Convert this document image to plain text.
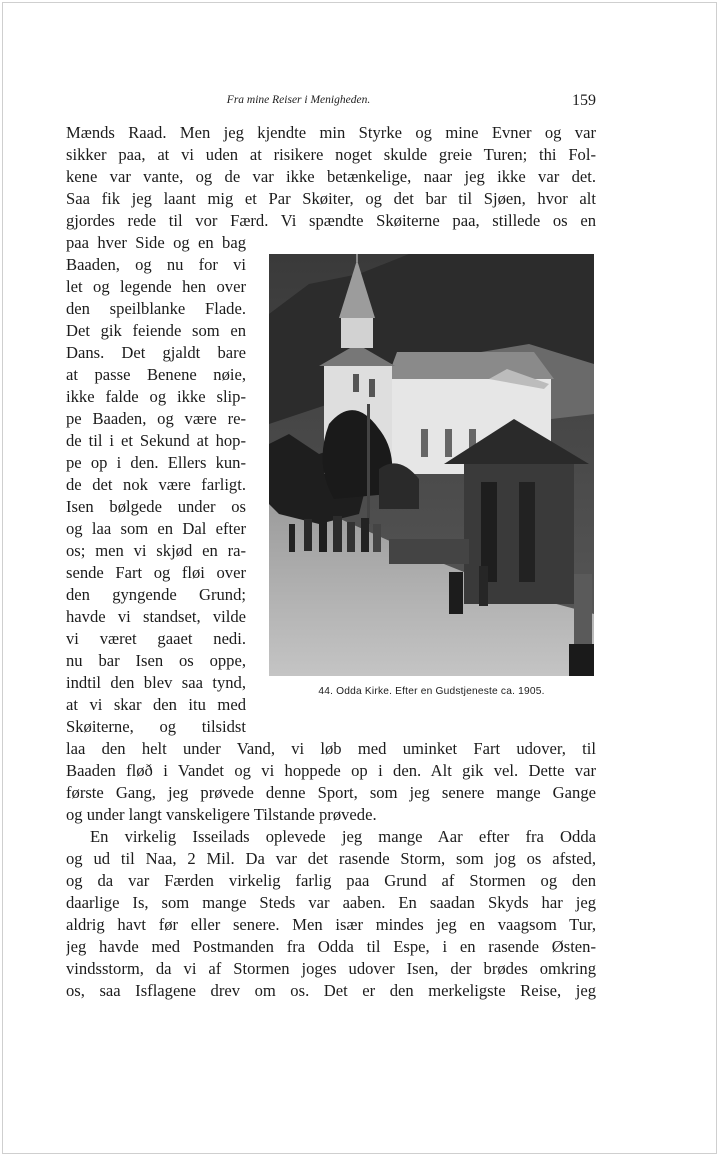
Fra mine Reiser i Menigheden.	159
Mænds Raad. Men jeg kjendte min Styrke og mine Evner og var
sikker paa, at vi uden at risikere noget skulde greie Turen; thi Fol-
kene var vante, og de var ikke betænkelige, naar jeg ikke var det.
Saa fik jeg laant mig et Par Skøiter, og det bar til Sjøen, hvor alt
gjordes rede til vor Færd. Vi spændte Skøiterne paa, stillede os en
paa hver Side og en bag
Baaden, og nu for vi
let og legende hen over
den speilblanke Flade.
Det gik feiende som en
Dans. Det gjaldt bare
at passe Benene nøie,
ikke falde og ikke slip-
pe Baaden, og være re-
de til i et Sekund at hop-
pe op i den. Ellers kun-
de det nok være farligt.
Isen bølgede under os
og laa som en Dal efter
os; men vi skjød en ra-
sende Fart og fløi over
den gyngende Grund;
havde vi standset, vilde
vi været gaaet nedi.
nu bar Isen os oppe,
indtil den blev saa tynd,
at vi skar den itu med
Skøiterne, og tilsidst
laa den helt under Vand, vi løb med uminket Fart udover, til
Baaden fløð i Vandet og vi hoppede op i den. Alt gik vel. Dette var
første Gang, jeg prøvede denne Sport, som jeg senere mange Gange
og under langt vanskeligere Tilstande prøvede.
En virkelig Isseilads oplevede jeg mange Aar efter fra Odda
og ud til Naa, 2 Mil. Da var det rasende Storm, som jog os afsted,
og da var Færden virkelig farlig paa Grund af Stormen og den
daarlige Is, som mange Steds var aaben. En saadan Skyds har jeg
aldrig havt før eller senere. Men især mindes jeg en vaagsom Tur,
jeg havde med Postmanden fra Odda til Espe, i en rasende Østen-
vindsstorm, da vi af Stormen joges udover Isen, der brødes omkring
os, saa Isflagene drev om os. Det er den merkeligste Reise, jeg
44. Odda Kirke. Efter en Gudstjeneste ca. 1905.
